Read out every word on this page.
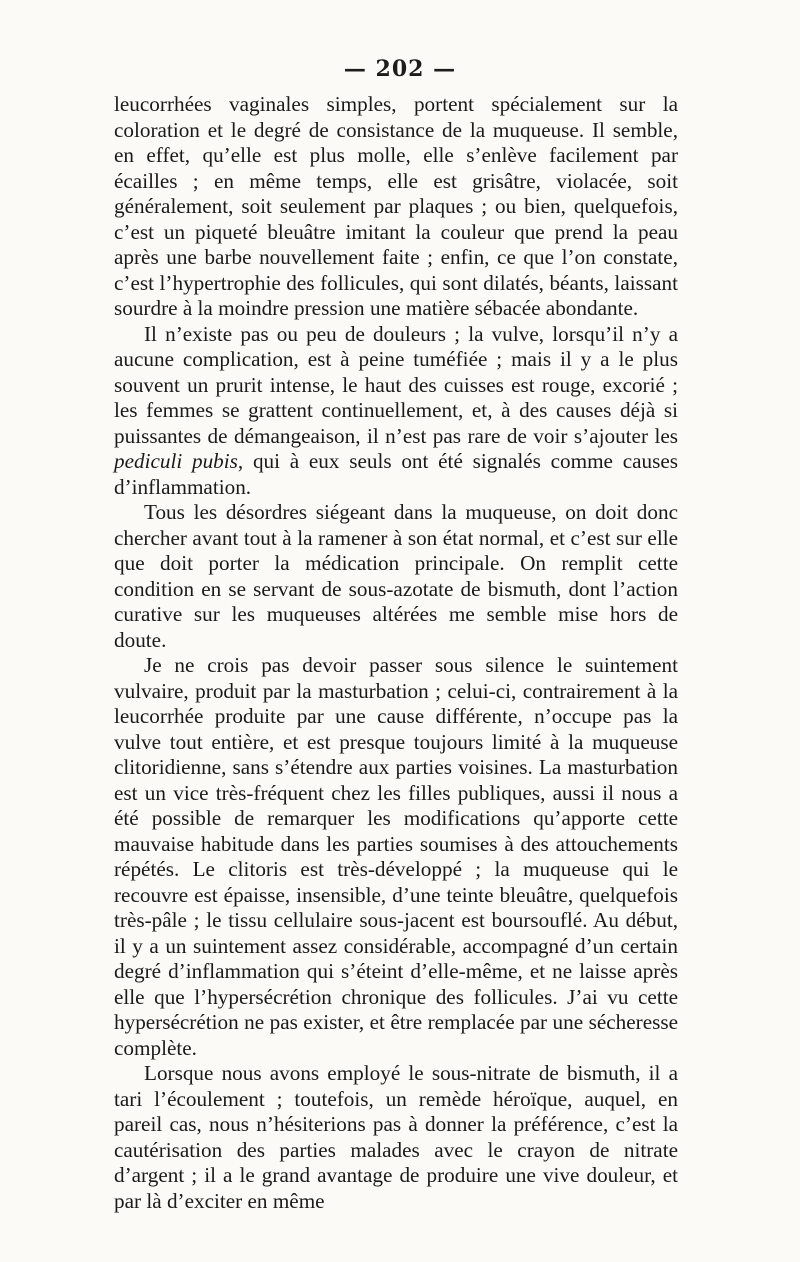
— 202 —

leucorrhées vaginales simples, portent spécialement sur la coloration et le degré de consistance de la muqueuse. Il semble, en effet, qu’elle est plus molle, elle s’enlève facilement par écailles ; en même temps, elle est grisâtre, violacée, soit généralement, soit seulement par plaques ; ou bien, quelquefois, c’est un piqueté bleuâtre imitant la couleur que prend la peau après une barbe nouvellement faite ; enfin, ce que l’on constate, c’est l’hypertrophie des follicules, qui sont dilatés, béants, laissant sourdre à la moindre pression une matière sébacée abondante.

Il n’existe pas ou peu de douleurs ; la vulve, lorsqu’il n’y a aucune complication, est à peine tuméfiée ; mais il y a le plus souvent un prurit intense, le haut des cuisses est rouge, excorié ; les femmes se grattent continuellement, et, à des causes déjà si puissantes de démangeaison, il n’est pas rare de voir s’ajouter les pediculi pubis, qui à eux seuls ont été signalés comme causes d’inflammation.

Tous les désordres siégeant dans la muqueuse, on doit donc chercher avant tout à la ramener à son état normal, et c’est sur elle que doit porter la médication principale. On remplit cette condition en se servant de sous-azotate de bismuth, dont l’action curative sur les muqueuses altérées me semble mise hors de doute.

Je ne crois pas devoir passer sous silence le suintement vulvaire, produit par la masturbation ; celui-ci, contrairement à la leucorrhée produite par une cause différente, n’occupe pas la vulve tout entière, et est presque toujours limité à la muqueuse clitoridienne, sans s’étendre aux parties voisines. La masturbation est un vice très-fréquent chez les filles publiques, aussi il nous a été possible de remarquer les modifications qu’apporte cette mauvaise habitude dans les parties soumises à des attouchements répétés. Le clitoris est très-développé ; la muqueuse qui le recouvre est épaisse, insensible, d’une teinte bleuâtre, quelquefois très-pâle ; le tissu cellulaire sous-jacent est boursouflé. Au début, il y a un suintement assez considérable, accompagné d’un certain degré d’inflammation qui s’éteint d’elle-même, et ne laisse après elle que l’hypersécrétion chronique des follicules. J’ai vu cette hypersécrétion ne pas exister, et être remplacée par une sécheresse complète.

Lorsque nous avons employé le sous-nitrate de bismuth, il a tari l’écoulement ; toutefois, un remède héroïque, auquel, en pareil cas, nous n’hésiterions pas à donner la préférence, c’est la cautérisation des parties malades avec le crayon de nitrate d’argent ; il a le grand avantage de produire une vive douleur, et par là d’exciter en même
